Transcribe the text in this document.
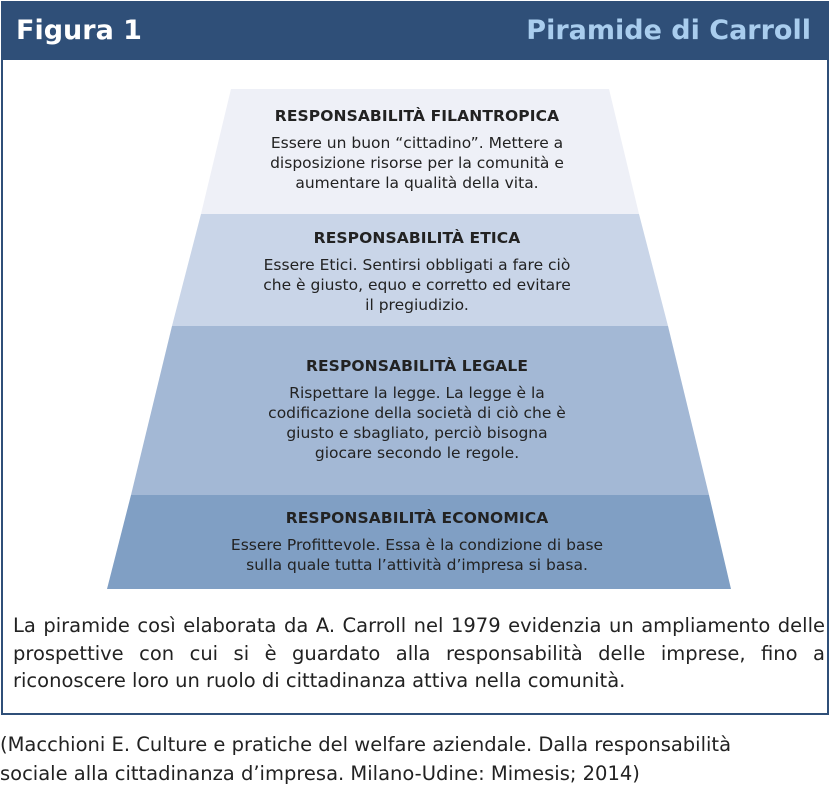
Figura 1	Piramide di Carroll
RESPONSABILITÀ FILANTROPICA
Essere un buon “cittadino”. Mettere a
disposizione risorse per la comunità e
aumentare la qualità della vita.
RESPONSABILITÀ ETICA
Essere Etici. Sentirsi obbligati a fare ciò
che è giusto, equo e corretto ed evitare
il pregiudizio.
RESPONSABILITÀ LEGALE
Rispettare la legge. La legge è la
codificazione della società di ciò che è
giusto e sbagliato, perciò bisogna
giocare secondo le regole.
RESPONSABILITÀ ECONOMICA
Essere Profittevole. Essa è la condizione di base
sulla quale tutta l’attività d’impresa si basa.
La piramide così elaborata da A. Carroll nel 1979 evidenzia un ampliamento delle prospettive con cui si è guardato alla responsabilità delle imprese, fino a riconoscere loro un ruolo di cittadinanza attiva nella comunità.
(Macchioni E. Culture e pratiche del welfare aziendale. Dalla responsabilità
sociale alla cittadinanza d’impresa. Milano-Udine: Mimesis; 2014)
